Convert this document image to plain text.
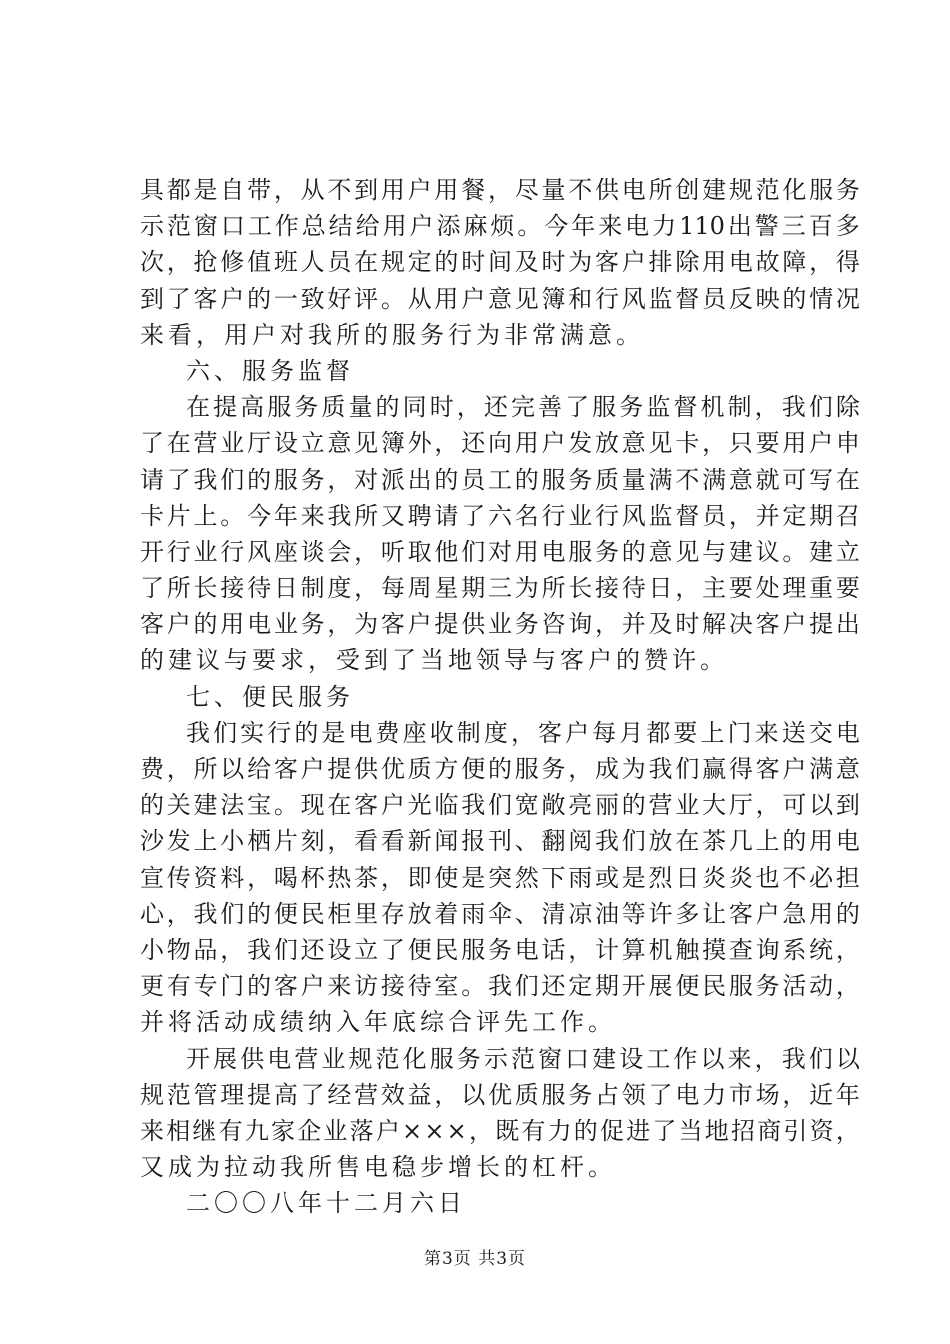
具 都 是 自 带 ， 从 不 到 用 户 用 餐 ， 尽 量 不 供 电 所 创 建 规 范 化 服 务
示 范 窗 口 工 作 总 结 给 用 户 添 麻 烦 。 今 年 来 电 力 110 出 警 三 百 多
次 ， 抢 修 值 班 人 员 在 规 定 的 时 间 及 时 为 客 户 排 除 用 电 故 障 ， 得
到 了 客 户 的 一 致 好 评 。 从 用 户 意 见 簿 和 行 风 监 督 员 反 映 的 情 况
来看，用户对我所的服务行为非常满意。
六、服务监督
在 提 高 服 务 质 量 的 同 时 ， 还 完 善 了 服 务 监 督 机 制 ， 我 们 除
了 在 营 业 厅 设 立 意 见 簿 外 ， 还 向 用 户 发 放 意 见 卡 ， 只 要 用 户 申
请 了 我 们 的 服 务 ， 对 派 出 的 员 工 的 服 务 质 量 满 不 满 意 就 可 写 在
卡 片 上 。 今 年 来 我 所 又 聘 请 了 六 名 行 业 行 风 监 督 员 ， 并 定 期 召
开 行 业 行 风 座 谈 会 ， 听 取 他 们 对 用 电 服 务 的 意 见 与 建 议 。 建 立
了 所 长 接 待 日 制 度 ， 每 周 星 期 三 为 所 长 接 待 日 ， 主 要 处 理 重 要
客 户 的 用 电 业 务 ， 为 客 户 提 供 业 务 咨 询 ， 并 及 时 解 决 客 户 提 出
的建议与要求，受到了当地领导与客户的赞许。
七、便民服务
我 们 实 行 的 是 电 费 座 收 制 度 ， 客 户 每 月 都 要 上 门 来 送 交 电
费 ， 所 以 给 客 户 提 供 优 质 方 便 的 服 务 ， 成 为 我 们 赢 得 客 户 满 意
的 关 建 法 宝 。 现 在 客 户 光 临 我 们 宽 敞 亮 丽 的 营 业 大 厅 ， 可 以 到
沙 发 上 小 栖 片 刻 ， 看 看 新 闻 报 刊 、 翻 阅 我 们 放 在 茶 几 上 的 用 电
宣 传 资 料 ， 喝 杯 热 茶 ， 即 使 是 突 然 下 雨 或 是 烈 日 炎 炎 也 不 必 担
心 ， 我 们 的 便 民 柜 里 存 放 着 雨 伞 、 清 凉 油 等 许 多 让 客 户 急 用 的
小 物 品 ， 我 们 还 设 立 了 便 民 服 务 电 话 ， 计 算 机 触 摸 查 询 系 统 ，
更 有 专 门 的 客 户 来 访 接 待 室 。 我 们 还 定 期 开 展 便 民 服 务 活 动 ，
并将活动成绩纳入年底综合评先工作。
开 展 供 电 营 业 规 范 化 服 务 示 范 窗 口 建 设 工 作 以 来 ， 我 们 以
规 范 管 理 提 高 了 经 营 效 益 ， 以 优 质 服 务 占 领 了 电 力 市 场 ， 近 年
来 相 继 有 九 家 企 业 落 户 × × × ， 既 有 力 的 促 进 了 当 地 招 商 引 资 ，
又成为拉动我所售电稳步增长的杠杆。
二〇〇八年十二月六日
第3页 共3页
